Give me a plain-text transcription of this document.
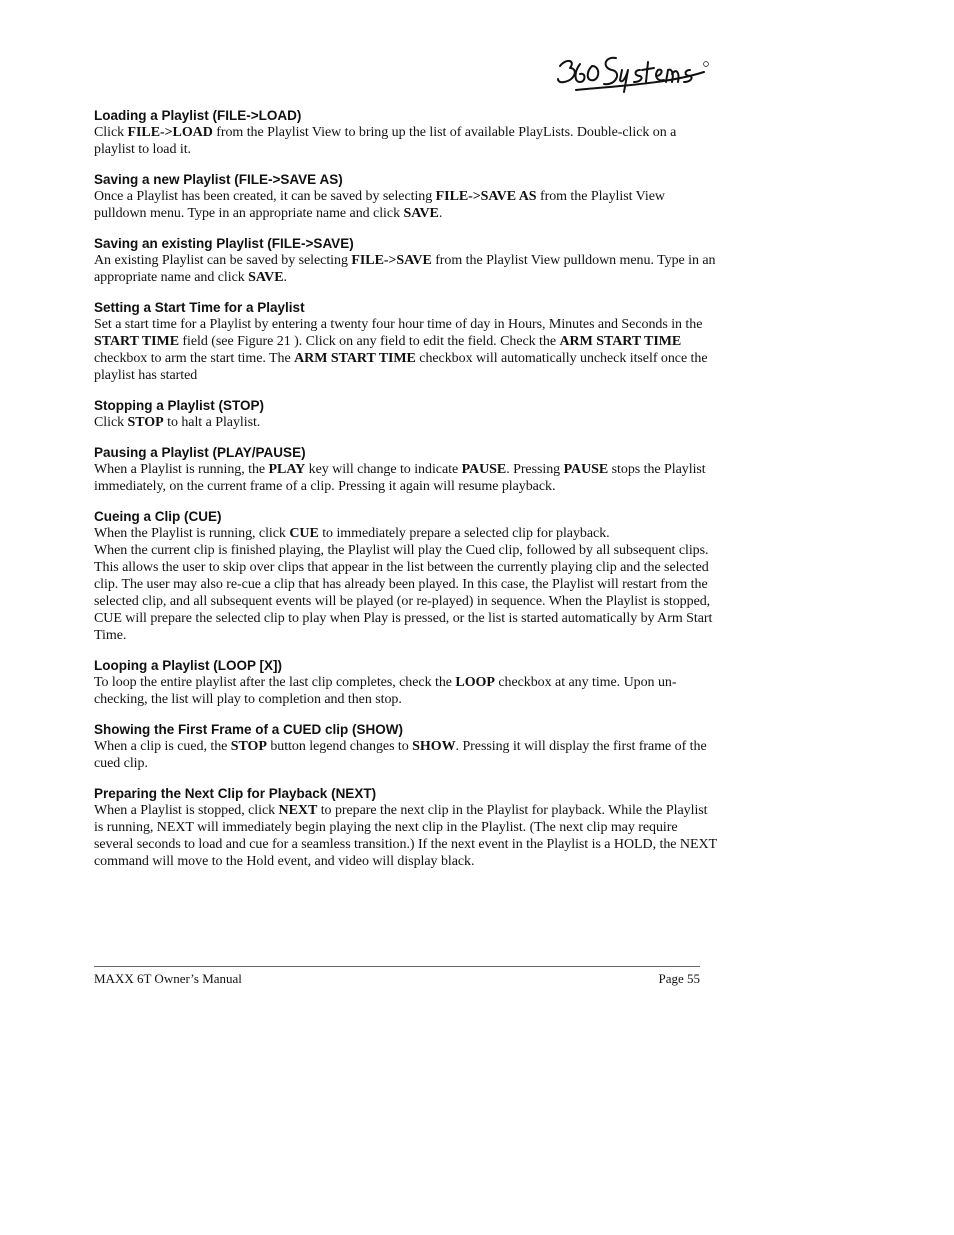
Loading a Playlist (FILE->LOAD)

Click FILE->LOAD from the Playlist View to bring up the list of available PlayLists. Double-click on a playlist to load it.

Saving a new Playlist (FILE->SAVE AS)

Once a Playlist has been created, it can be saved by selecting FILE->SAVE AS from the Playlist View pulldown menu. Type in an appropriate name and click SAVE.

Saving an existing Playlist (FILE->SAVE)

An existing Playlist can be saved by selecting FILE->SAVE from the Playlist View pulldown menu. Type in an appropriate name and click SAVE.

Setting a Start Time for a Playlist

Set a start time for a Playlist by entering a twenty four hour time of day in Hours, Minutes and Seconds in the START TIME field (see Figure 21 ). Click on any field to edit the field. Check the ARM START TIME checkbox to arm the start time. The ARM START TIME checkbox will automatically uncheck itself once the playlist has started

Stopping a Playlist (STOP)

Click STOP to halt a Playlist.

Pausing a Playlist (PLAY/PAUSE)

When a Playlist is running, the PLAY key will change to indicate PAUSE. Pressing PAUSE stops the Playlist immediately, on the current frame of a clip. Pressing it again will resume playback.

Cueing a Clip (CUE)

When the Playlist is running, click CUE to immediately prepare a selected clip for playback.
When the current clip is finished playing, the Playlist will play the Cued clip, followed by all subsequent clips. This allows the user to skip over clips that appear in the list between the currently playing clip and the selected clip. The user may also re-cue a clip that has already been played. In this case, the Playlist will restart from the selected clip, and all subsequent events will be played (or re-played) in sequence. When the Playlist is stopped, CUE will prepare the selected clip to play when Play is pressed, or the list is started automatically by Arm Start Time.

Looping a Playlist (LOOP [X])

To loop the entire playlist after the last clip completes, check the LOOP checkbox at any time. Upon un-checking, the list will play to completion and then stop.

Showing the First Frame of a CUED clip (SHOW)

When a clip is cued, the STOP button legend changes to SHOW. Pressing it will display the first frame of the cued clip.

Preparing the Next Clip for Playback (NEXT)

When a Playlist is stopped, click NEXT to prepare the next clip in the Playlist for playback. While the Playlist is running, NEXT will immediately begin playing the next clip in the Playlist. (The next clip may require several seconds to load and cue for a seamless transition.) If the next event in the Playlist is a HOLD, the NEXT command will move to the Hold event, and video will display black.

MAXX 6T Owner’s Manual	Page 55
